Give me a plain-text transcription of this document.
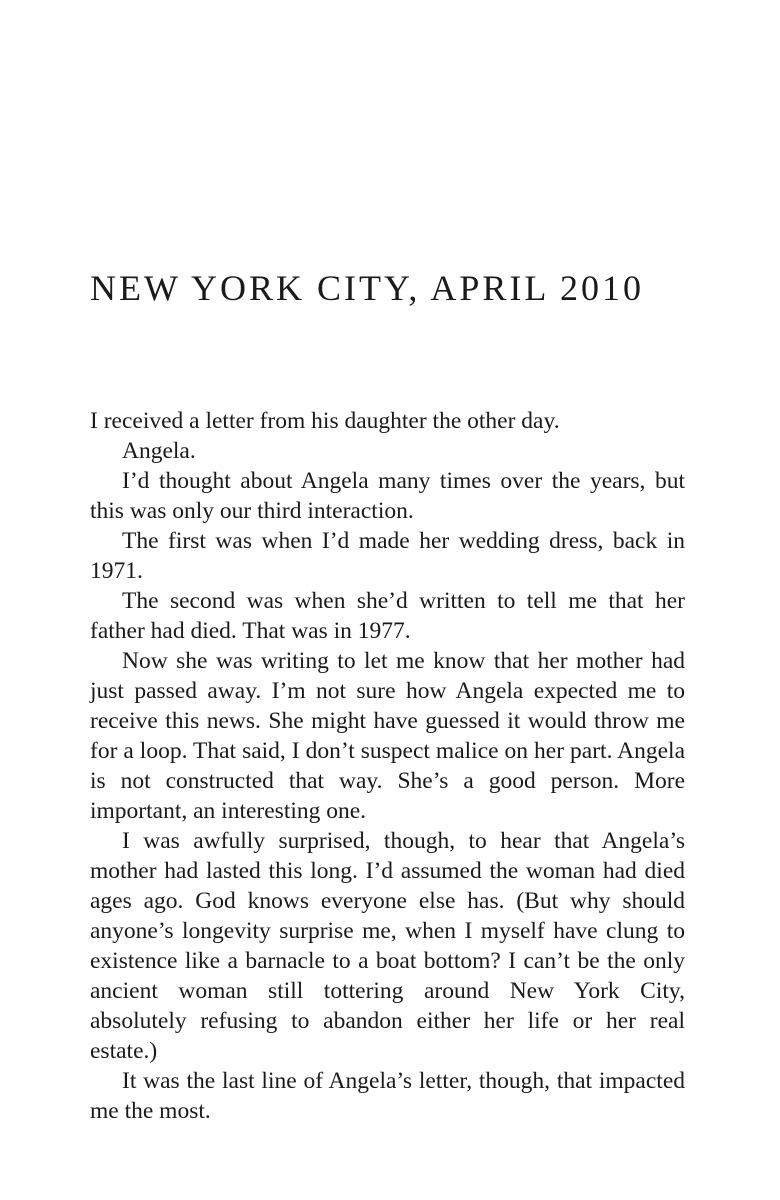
NEW YORK CITY, APRIL 2010

I received a letter from his daughter the other day.

Angela.

I’d thought about Angela many times over the years, but this was only our third interaction.

The first was when I’d made her wedding dress, back in 1971.

The second was when she’d written to tell me that her father had died. That was in 1977.

Now she was writing to let me know that her mother had just passed away. I’m not sure how Angela expected me to receive this news. She might have guessed it would throw me for a loop. That said, I don’t suspect malice on her part. Angela is not constructed that way. She’s a good person. More important, an interesting one.

I was awfully surprised, though, to hear that Angela’s mother had lasted this long. I’d assumed the woman had died ages ago. God knows everyone else has. (But why should anyone’s longevity surprise me, when I myself have clung to existence like a barnacle to a boat bottom? I can’t be the only ancient woman still tottering around New York City, absolutely refusing to abandon either her life or her real estate.)

It was the last line of Angela’s letter, though, that impacted me the most.
